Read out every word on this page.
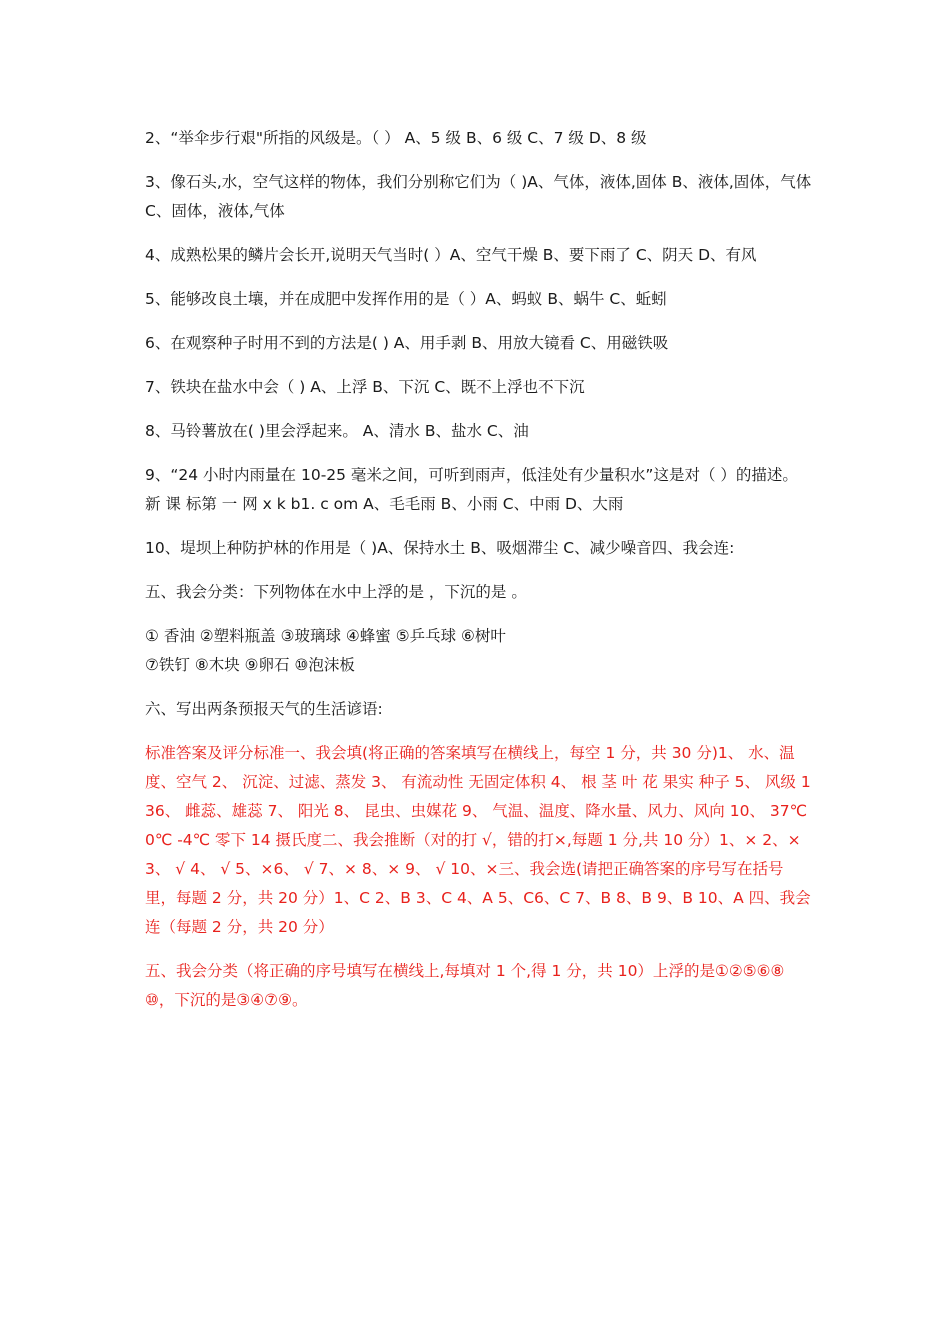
2、“举伞步行艰"所指的风级是。（ ） A、5 级 B、6 级 C、7 级 D、8 级

3、像石头,水，空气这样的物体，我们分别称它们为（ )A、气体，液体,固体 B、液体,固体，气体 C、固体，液体,气体

4、成熟松果的鳞片会长开,说明天气当时( ）A、空气干燥 B、要下雨了 C、阴天 D、有风

5、能够改良土壤，并在成肥中发挥作用的是（ ）A、蚂蚁 B、蜗牛 C、蚯蚓

6、在观察种子时用不到的方法是( ) A、用手剥 B、用放大镜看 C、用磁铁吸

7、铁块在盐水中会（ ) A、上浮 B、下沉 C、既不上浮也不下沉

8、马铃薯放在( )里会浮起来。 A、清水 B、盐水 C、油

9、“24 小时内雨量在 10-25 毫米之间，可听到雨声，低洼处有少量积水”这是对（ ）的描述。新 课 标第 一 网 x k b1. c om A、毛毛雨 B、小雨 C、中雨 D、大雨

10、堤坝上种防护林的作用是（ )A、保持水土 B、吸烟滞尘 C、减少噪音四、我会连:

五、我会分类：下列物体在水中上浮的是 ，下沉的是 。

① 香油 ②塑料瓶盖 ③玻璃球 ④蜂蜜 ⑤乒乓球 ⑥树叶

⑦铁钉 ⑧木块 ⑨卵石 ⑩泡沫板

六、写出两条预报天气的生活谚语:

标准答案及评分标准一、我会填(将正确的答案填写在横线上，每空 1 分，共 30 分)1、 水、温度、空气 2、 沉淀、过滤、蒸发 3、 有流动性 无固定体积 4、 根 茎 叶 花 果实 种子 5、 风级 136、 雌蕊、雄蕊 7、 阳光 8、 昆虫、虫媒花 9、 气温、温度、降水量、风力、风向 10、 37℃ 0℃ -4℃ 零下 14 摄氏度二、我会推断（对的打 √，错的打×,每题 1 分,共 10 分）1、× 2、× 3、 √ 4、 √ 5、×6、 √ 7、× 8、× 9、 √ 10、×三、我会选(请把正确答案的序号写在括号里，每题 2 分，共 20 分）1、C 2、B 3、C 4、A 5、C6、C 7、B 8、B 9、B 10、A 四、我会连（每题 2 分，共 20 分）

五、我会分类（将正确的序号填写在横线上,每填对 1 个,得 1 分，共 10）上浮的是①②⑤⑥⑧⑩，下沉的是③④⑦⑨。
